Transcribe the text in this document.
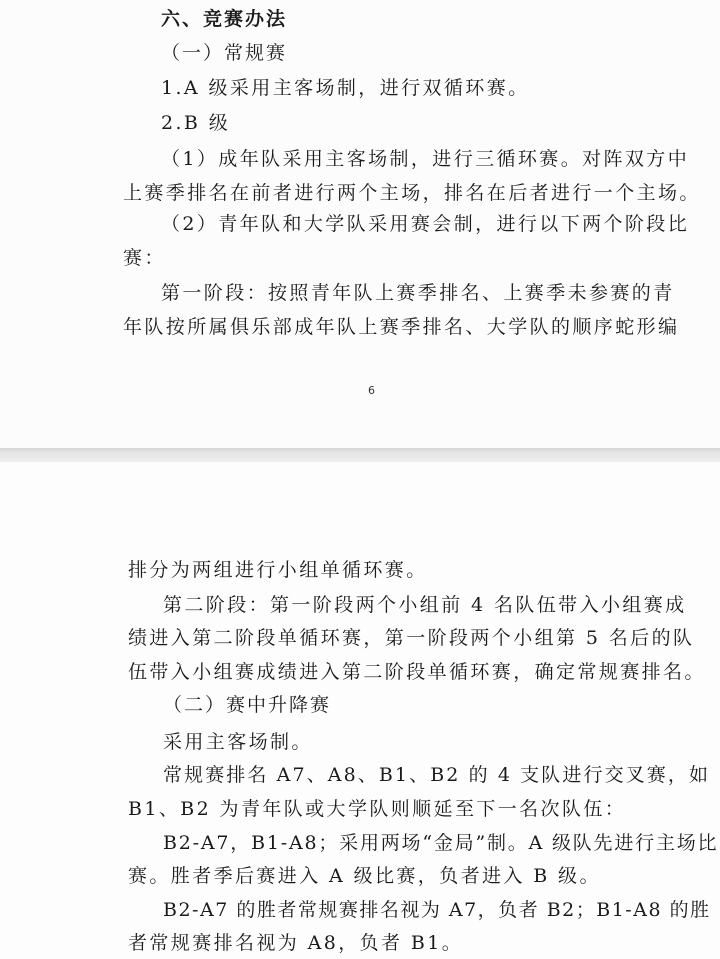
六、竞赛办法
（一）常规赛
1.A 级采用主客场制，进行双循环赛。
2.B 级
（1）成年队采用主客场制，进行三循环赛。对阵双方中
上赛季排名在前者进行两个主场，排名在后者进行一个主场。
（2）青年队和大学队采用赛会制，进行以下两个阶段比
赛：
第一阶段：按照青年队上赛季排名、上赛季未参赛的青
年队按所属俱乐部成年队上赛季排名、大学队的顺序蛇形编
6
排分为两组进行小组单循环赛。
第二阶段：第一阶段两个小组前 4 名队伍带入小组赛成
绩进入第二阶段单循环赛，第一阶段两个小组第 5 名后的队
伍带入小组赛成绩进入第二阶段单循环赛，确定常规赛排名。
（二）赛中升降赛
采用主客场制。
常规赛排名 A7、A8、B1、B2 的 4 支队进行交叉赛，如
B1、B2 为青年队或大学队则顺延至下一名次队伍：
B2-A7，B1-A8；采用两场“金局”制。A 级队先进行主场比
赛。胜者季后赛进入 A 级比赛，负者进入 B 级。
B2-A7 的胜者常规赛排名视为 A7，负者 B2；B1-A8 的胜
者常规赛排名视为 A8，负者 B1。
